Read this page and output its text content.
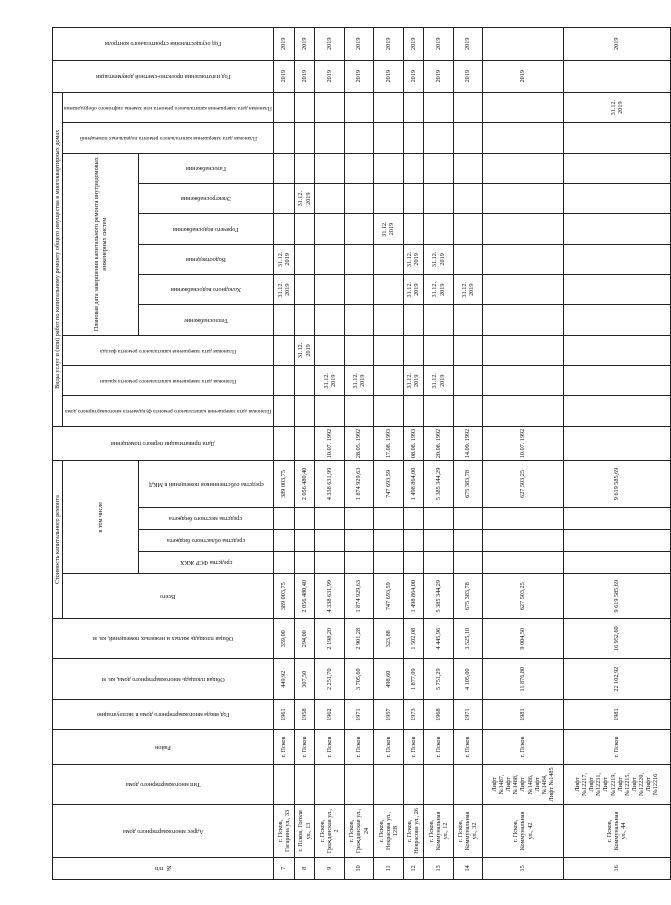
№ п/п	Адрес многоквартирного дома	Тип многоквартирного дома	Район	Год ввода многоквартирного дома в эксплуатацию	Общая площадь многоквартирного дома, кв. м	Общая площадь жилых и нежилых помещений, кв. м	Стоимость капитального ремонта					Дата приватизации первого помещения	Виды услуг и (или) работ по капитальному ремонту общего имущества в многоквартирных домах											Год изготовления проектно-сметной документации	Год осуществления строительного контроля

							Всего	в том числе					Плановая дата завершения капитального ремонта фундамента многоквартирного дома	Плановая дата завершения капитального ремонта крыши	Плановая дата завершения капитального ремонта фасада	Плановая дата завершения капитального ремонта внутридомовых инженерных систем						Плановая дата завершения капитального ремонта подвальных помещений	Плановая дата завершения капитального ремонта или замены лифтового оборудования		

								средства ФСР ЖКХ	средства областного бюджета	средства местного бюджета	средства собственников помещений в МКД					Теплоснабжение	Холодного водоснабжения	Водоотведения	Горячего водоснабжения	Электроснабжения	Газоснабжения				

7	г. Псков, Гагарина ул., 33		г. Псков	1961	449,92	359,00	389 003,75				389 003,75						31.12. 2019	31.12. 2019						2019	2019
8	г. Псков, Гоголя ул., 13		г. Псков	1958	307,50	294,00	2 056 480,40				2 056 480,40				31.12. 2019					31.12. 2019				2019	2019
9	г. Псков, Гражданская ул., 2		г. Псков	1962	2 251,70	2 198,20	4 338 631,99				4 338 631,99	10.07. 1992		31.12. 2019										2019	2019
10	г. Псков, Гражданская ул., 24		г. Псков	1971	3 705,60	2 901,28	1 874 929,63				1 874 929,63	28.05. 1992		31.12. 2019										2019	2019
11	г. Псков, Некрасова ул., 12В		г. Псков	1957	498,60	323,88	747 693,59				747 693,59	17.08. 1993							31.12. 2019					2019	2019
12	г. Псков, Некрасова ул., 26		г. Псков	1973	1 877,09	1 502,08	1 498 864,00				1 498 864,00	08.08. 1993		31.12. 2019			31.12. 2019	31.12. 2019						2019	2019
13	г. Псков, Коммунальная ул., 12		г. Псков	1968	5 751,29	4 445,96	5 385 344,29				5 385 344,29	20.08. 1992		31.12. 2019			31.12. 2019	31.12. 2019						2019	2019
14	г. Псков, Коммунальная ул., 32		г. Псков	1971	4 105,00	3 525,10	675 383,78				675 383,78	14.09. 1992					31.12. 2019							2019	2019
15	г. Псков, Коммунальная ул., 42	Лифт №1487, Лифт №1488, Лифт №1486, Лифт №1484, Лифт №1485	г. Псков	1981	11 876,80	9 004,50	627 503,25				627 503,25	10.07. 1992												2019	
16	г. Псков, Коммунальная ул., 44	Лифт №12217, Лифт №12231, Лифт №12219, Лифт №12215, Лифт №12220, Лифт №12216	г. Псков	1981	22 102,92	16 952,60	9 619 585,69				9 619 585,69												31.12. 2019		2019
